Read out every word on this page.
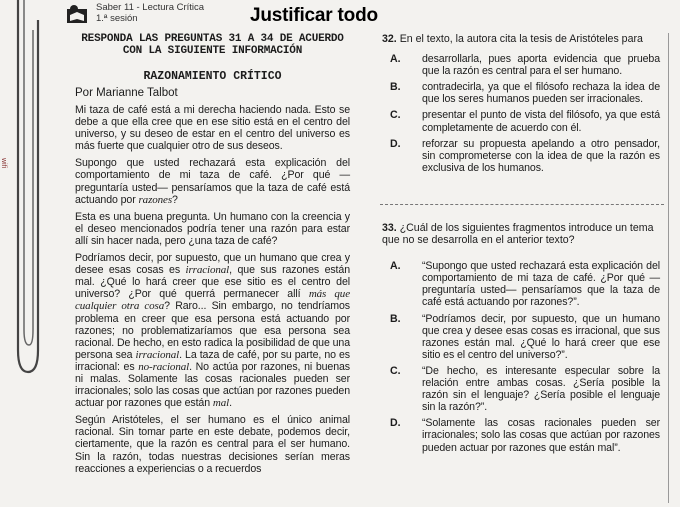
Saber 11 - Lectura Crítica
1.ª sesión	Justificar todo
wifi
RESPONDA LAS PREGUNTAS 31 A 34 DE ACUERDO CON LA SIGUIENTE INFORMACIÓN
RAZONAMIENTO CRÍTICO
Por Marianne Talbot

Mi taza de café está a mi derecha haciendo nada. Esto se debe a que ella cree que en ese sitio está en el centro del universo, y su deseo de estar en el centro del universo es más fuerte que cualquier otro de sus deseos.

Supongo que usted rechazará esta explicación del comportamiento de mi taza de café. ¿Por qué —preguntaría usted— pensaríamos que la taza de café está actuando por razones?

Esta es una buena pregunta. Un humano con la creencia y el deseo mencionados podría tener una razón para estar allí sin hacer nada, pero ¿una taza de café?

Podríamos decir, por supuesto, que un humano que crea y desee esas cosas es irracional, que sus razones están mal. ¿Qué lo hará creer que ese sitio es el centro del universo? ¿Por qué querrá permanecer allí más que cualquier otra cosa? Raro... Sin embargo, no tendríamos problema en creer que esa persona está actuando por razones; no problematizaríamos que esa persona sea racional. De hecho, en esto radica la posibilidad de que una persona sea irracional. La taza de café, por su parte, no es irracional: es no-racional. No actúa por razones, ni buenas ni malas. Solamente las cosas racionales pueden ser irracionales; solo las cosas que actúan por razones pueden actuar por razones que están mal.

Según Aristóteles, el ser humano es el único animal racional. Sin tomar parte en este debate, podemos decir, ciertamente, que la razón es central para el ser humano. Sin la razón, todas nuestras decisiones serían meras reacciones a experiencias o a recuerdos

32. En el texto, la autora cita la tesis de Aristóteles para
A.	desarrollarla, pues aporta evidencia que prueba que la razón es central para el ser humano.
B.	contradecirla, ya que el filósofo rechaza la idea de que los seres humanos pueden ser irracionales.
C.	presentar el punto de vista del filósofo, ya que está completamente de acuerdo con él.
D.	reforzar su propuesta apelando a otro pensador, sin comprometerse con la idea de que la razón es exclusiva de los humanos.
33. ¿Cuál de los siguientes fragmentos introduce un tema que no se desarrolla en el anterior texto?
A.	“Supongo que usted rechazará esta explicación del comportamiento de mi taza de café. ¿Por qué —preguntaría usted— pensaríamos que la taza de café está actuando por razones?”.
B.	“Podríamos decir, por supuesto, que un humano que crea y desee esas cosas es irracional, que sus razones están mal. ¿Qué lo hará creer que ese sitio es el centro del universo?”.
C.	“De hecho, es interesante especular sobre la relación entre ambas cosas. ¿Sería posible la razón sin el lenguaje? ¿Sería posible el lenguaje sin la razón?”.
D.	“Solamente las cosas racionales pueden ser irracionales; solo las cosas que actúan por razones pueden actuar por razones que están mal”.
